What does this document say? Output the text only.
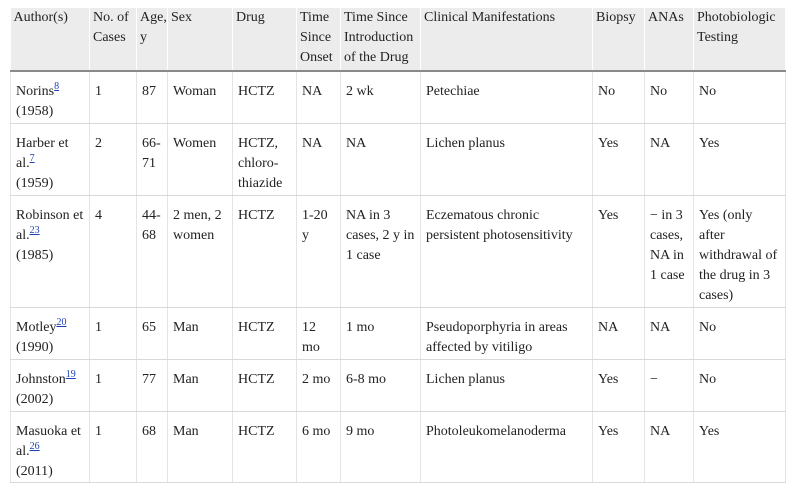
Author(s)	No. of Cases	Age, y	Sex	Drug	Time Since Onset	Time Since Introduction of the Drug	Clinical Manifestations	Biopsy	ANAs	Photobiologic Testing
Norins$^8$
(1958)	1	87	Woman	HCTZ	NA	2 wk	Petechiae	No	No	No
Harber et al.$^7$
(1959)	2	66-71	Women	HCTZ, chloro-thiazide	NA	NA	Lichen planus	Yes	NA	Yes
Robinson et al.$^{23}$
(1985)	4	44-68	2 men, 2 women	HCTZ	1-20 y	NA in 3 cases, 2 y in 1 case	Eczematous chronic persistent photosensitivity	Yes	− in 3 cases, NA in 1 case	Yes (only after withdrawal of the drug in 3 cases)
Motley$^{20}$
(1990)	1	65	Man	HCTZ	12 mo	1 mo	Pseudoporphyria in areas affected by vitiligo	NA	NA	No
Johnston$^{19}$
(2002)	1	77	Man	HCTZ	2 mo	6-8 mo	Lichen planus	Yes	−	No
Masuoka et al.$^{26}$
(2011)	1	68	Man	HCTZ	6 mo	9 mo	Photoleukomelanoderma	Yes	NA	Yes
